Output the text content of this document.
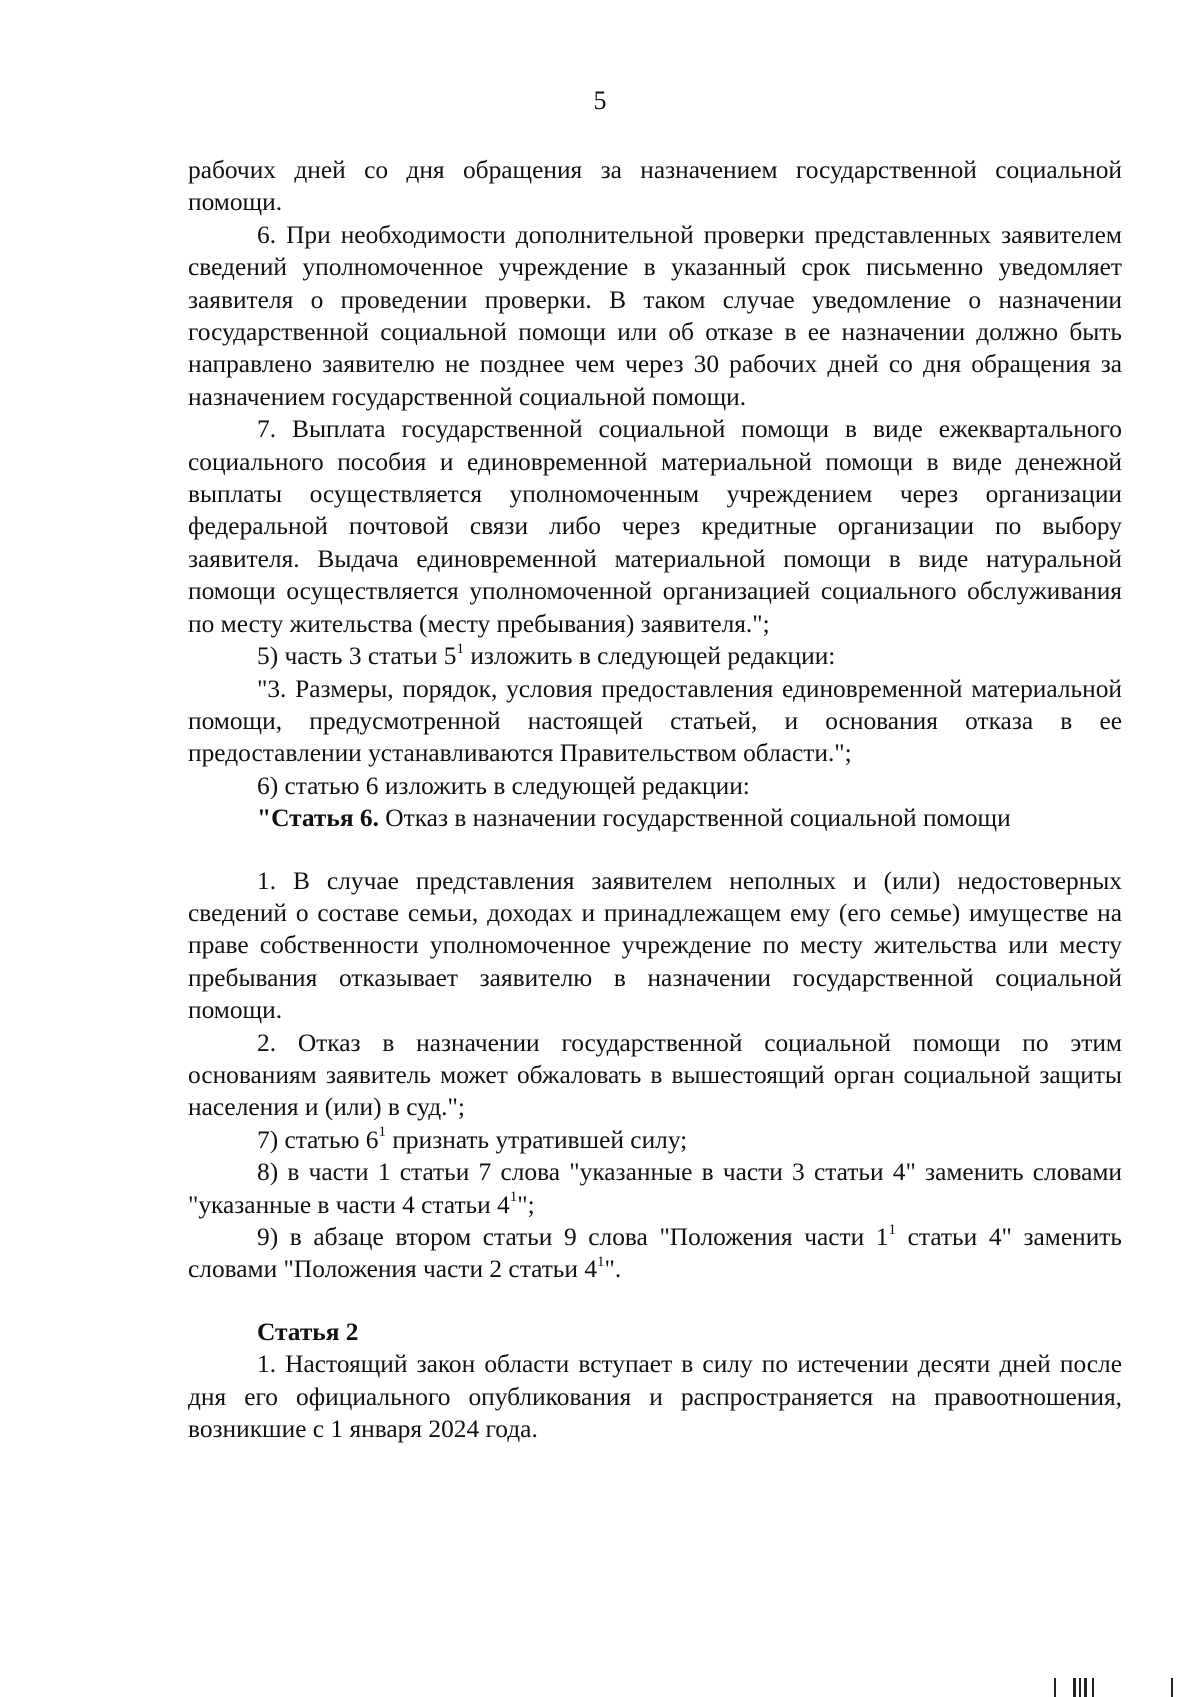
5

рабочих дней со дня обращения за назначением государственной социальной помощи.

6. При необходимости дополнительной проверки представленных заявителем сведений уполномоченное учреждение в указанный срок письменно уведомляет заявителя о проведении проверки. В таком случае уведомление о назначении государственной социальной помощи или об отказе в ее назначении должно быть направлено заявителю не позднее чем через 30 рабочих дней со дня обращения за назначением государственной социальной помощи.

7. Выплата государственной социальной помощи в виде ежеквартального социального пособия и единовременной материальной помощи в виде денежной выплаты осуществляется уполномоченным учреждением через организации федеральной почтовой связи либо через кредитные организации по выбору заявителя. Выдача единовременной материальной помощи в виде натуральной помощи осуществляется уполномоченной организацией социального обслуживания по месту жительства (месту пребывания) заявителя.";

5) часть 3 статьи $5^1$ изложить в следующей редакции:

"3. Размеры, порядок, условия предоставления единовременной материальной помощи, предусмотренной настоящей статьей, и основания отказа в ее предоставлении устанавливаются Правительством области.";

6) статью 6 изложить в следующей редакции:

"Статья 6. Отказ в назначении государственной социальной помощи

1. В случае представления заявителем неполных и (или) недостоверных сведений о составе семьи, доходах и принадлежащем ему (его семье) имуществе на праве собственности уполномоченное учреждение по месту жительства или месту пребывания отказывает заявителю в назначении государственной социальной помощи.

2. Отказ в назначении государственной социальной помощи по этим основаниям заявитель может обжаловать в вышестоящий орган социальной защиты населения и (или) в суд.";

7) статью $6^1$ признать утратившей силу;

8) в части 1 статьи 7 слова "указанные в части 3 статьи 4" заменить словами "указанные в части 4 статьи $4^1$";

9) в абзаце втором статьи 9 слова "Положения части $1^1$ статьи 4" заменить словами "Положения части 2 статьи $4^1$".

Статья 2

1. Настоящий закон области вступает в силу по истечении десяти дней после дня его официального опубликования и распространяется на правоотношения, возникшие с 1 января 2024 года.
